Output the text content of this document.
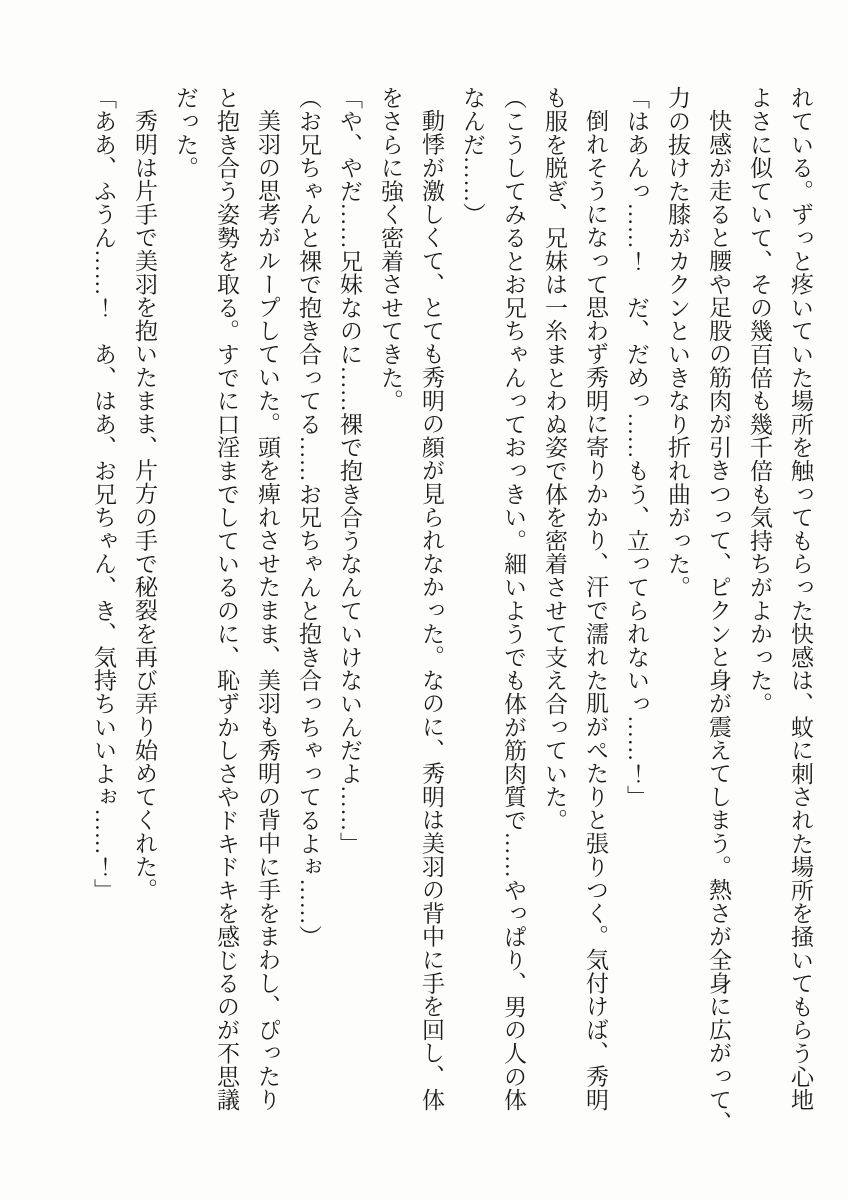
れている。ずっと疼いていた場所を触ってもらった快感は、蚊に刺された場所を掻いてもらう心地

よさに似ていて、その幾百倍も幾千倍も気持ちがよかった。

快感が走ると腰や足股の筋肉が引きつって、ピクンと身が震えてしまう。熱さが全身に広がって、

力の抜けた膝がカクンといきなり折れ曲がった。

「はあんっ……！　だ、だめっ……もう、立ってられないっ……！」

倒れそうになって思わず秀明に寄りかかり、汗で濡れた肌がぺたりと張りつく。気付けば、秀明

も服を脱ぎ、兄妹は一糸まとわぬ姿で体を密着させて支え合っていた。

（こうしてみるとお兄ちゃんっておっきい。細いようでも体が筋肉質で……やっぱり、男の人の体

なんだ……）

動悸が激しくて、とても秀明の顔が見られなかった。なのに、秀明は美羽の背中に手を回し、体

をさらに強く密着させてきた。

「や、やだ……兄妹なのに……裸で抱き合うなんていけないんだよ……」

（お兄ちゃんと裸で抱き合ってる……お兄ちゃんと抱き合っちゃってるよぉ……）

美羽の思考がループしていた。頭を痺れさせたまま、美羽も秀明の背中に手をまわし、ぴったり

と抱き合う姿勢を取る。すでに口淫までしているのに、恥ずかしさやドキドキを感じるのが不思議

だった。

秀明は片手で美羽を抱いたまま、片方の手で秘裂を再び弄り始めてくれた。

「ああ、ふうん……！　あ、はあ、お兄ちゃん、き、気持ちいいよぉ……！」
